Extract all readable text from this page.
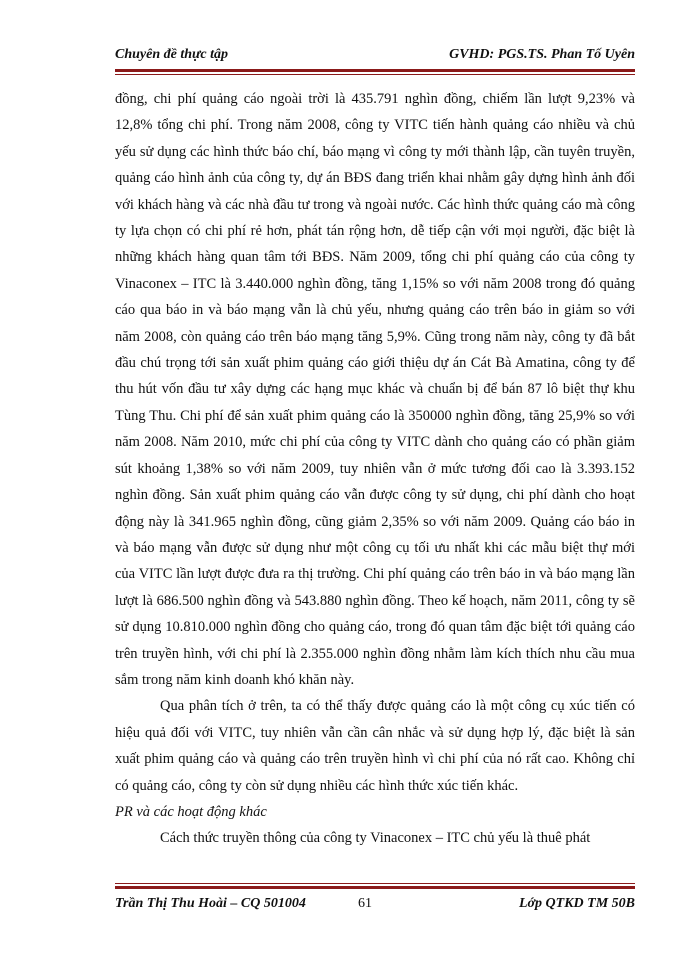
Chuyên đề thực tập	GVHD: PGS.TS. Phan Tố Uyên

đồng, chi phí quảng cáo ngoài trời là 435.791 nghìn đồng, chiếm lần lượt 9,23% và 12,8% tổng chi phí. Trong năm 2008, công ty VITC tiến hành quảng cáo nhiều và chủ yếu sử dụng các hình thức báo chí, báo mạng vì công ty mới thành lập, cần tuyên truyền, quảng cáo hình ảnh của công ty, dự án BĐS đang triển khai nhằm gây dựng hình ảnh đối với khách hàng và các nhà đầu tư trong và ngoài nước. Các hình thức quảng cáo mà công ty lựa chọn có chi phí rẻ hơn, phát tán rộng hơn, dễ tiếp cận với mọi người, đặc biệt là những khách hàng quan tâm tới BĐS. Năm 2009, tổng chi phí quảng cáo của công ty Vinaconex – ITC là 3.440.000 nghìn đồng, tăng 1,15% so với năm 2008 trong đó quảng cáo qua báo in và báo mạng vẫn là chủ yếu, nhưng quảng cáo trên báo in giảm so với năm 2008, còn quảng cáo trên báo mạng tăng 5,9%. Cũng trong năm này, công ty đã bắt đầu chú trọng tới sản xuất phim quảng cáo giới thiệu dự án Cát Bà Amatina, công ty để thu hút vốn đầu tư xây dựng các hạng mục khác và chuẩn bị để bán 87 lô biệt thự khu Tùng Thu. Chi phí để sản xuất phim quảng cáo là 350000 nghìn đồng, tăng 25,9% so với năm 2008. Năm 2010, mức chi phí của công ty VITC dành cho quảng cáo có phần giảm sút khoảng 1,38% so với năm 2009, tuy nhiên vẫn ở mức tương đối cao là 3.393.152 nghìn đồng. Sản xuất phim quảng cáo vẫn được công ty sử dụng, chi phí dành cho hoạt động này là 341.965 nghìn đồng, cũng giảm 2,35% so với năm 2009. Quảng cáo báo in và báo mạng vẫn được sử dụng như một công cụ tối ưu nhất khi các mẫu biệt thự mới của VITC lần lượt được đưa ra thị trường. Chi phí quảng cáo trên báo in và báo mạng lần lượt là 686.500 nghìn đồng và 543.880 nghìn đồng. Theo kế hoạch, năm 2011, công ty sẽ sử dụng 10.810.000 nghìn đồng cho quảng cáo, trong đó quan tâm đặc biệt tới quảng cáo trên truyền hình, với chi phí là 2.355.000 nghìn đồng nhằm làm kích thích nhu cầu mua sắm trong năm kinh doanh khó khăn này.

Qua phân tích ở trên, ta có thể thấy được quảng cáo là một công cụ xúc tiến có hiệu quả đối với VITC, tuy nhiên vẫn cần cân nhắc và sử dụng hợp lý, đặc biệt là sản xuất phim quảng cáo và quảng cáo trên truyền hình vì chi phí của nó rất cao. Không chỉ có quảng cáo, công ty còn sử dụng nhiều các hình thức xúc tiến khác.

PR và các hoạt động khác

Cách thức truyền thông của công ty Vinaconex – ITC chủ yếu là thuê phát

Trần Thị Thu Hoài – CQ 501004	61	Lớp QTKD TM 50B
